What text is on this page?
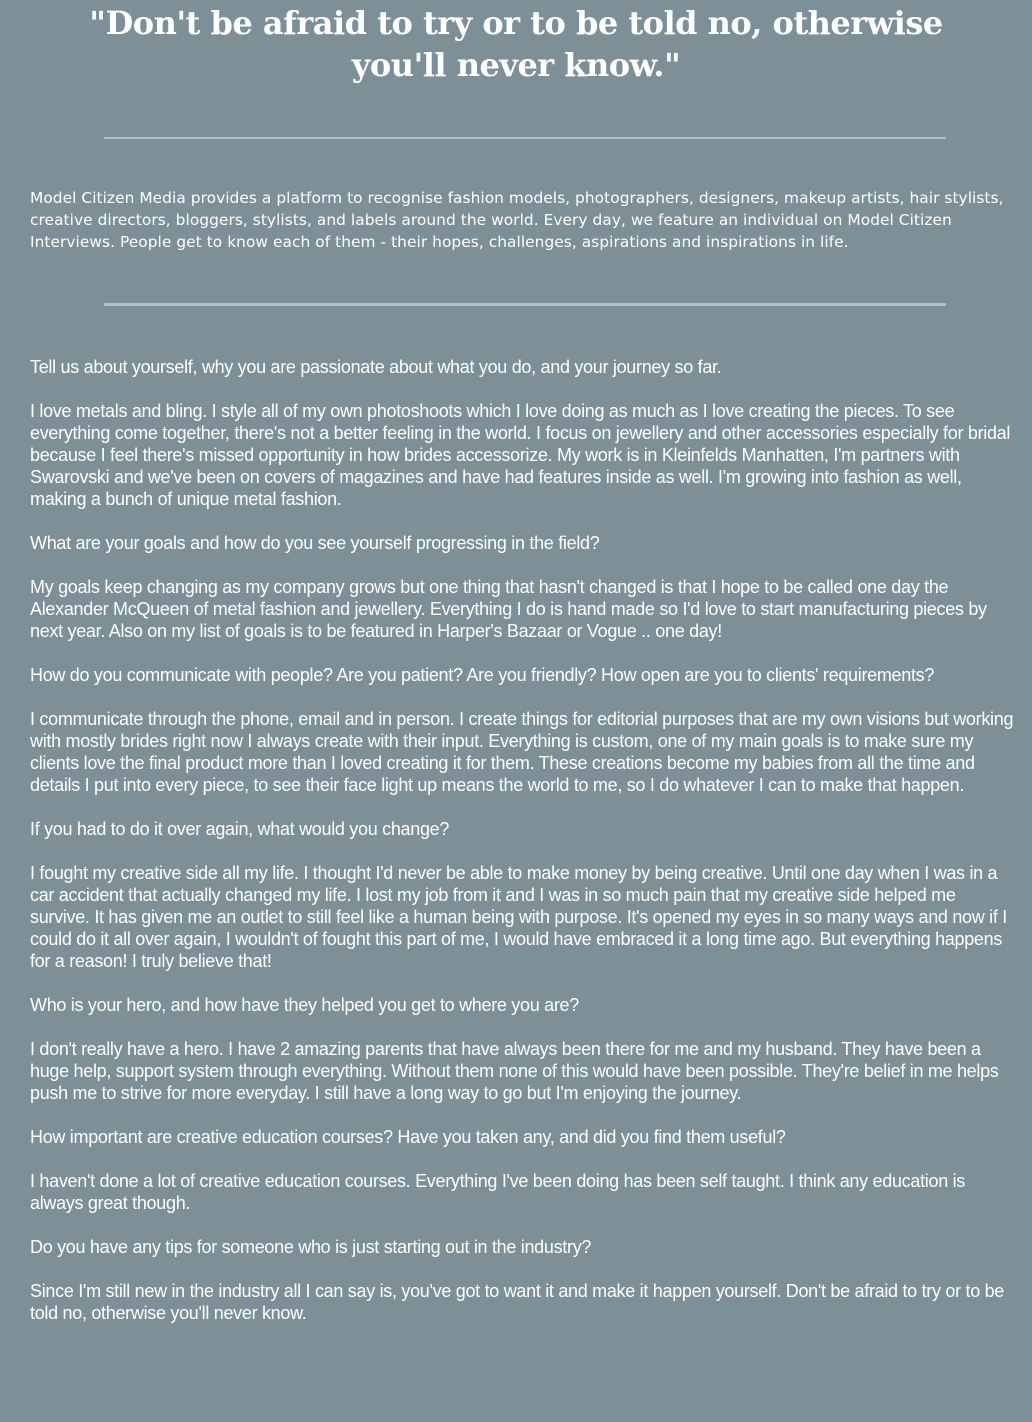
"Don't be afraid to try or to be told no, otherwise you'll never know."

Model Citizen Media provides a platform to recognise fashion models, photographers, designers, makeup artists, hair stylists, creative directors, bloggers, stylists, and labels around the world. Every day, we feature an individual on Model Citizen Interviews. People get to know each of them - their hopes, challenges, aspirations and inspirations in life.

Tell us about yourself, why you are passionate about what you do, and your journey so far.

I love metals and bling. I style all of my own photoshoots which I love doing as much as I love creating the pieces. To see everything come together, there's not a better feeling in the world. I focus on jewellery and other accessories especially for bridal because I feel there's missed opportunity in how brides accessorize. My work is in Kleinfelds Manhatten, I'm partners with Swarovski and we've been on covers of magazines and have had features inside as well. I'm growing into fashion as well, making a bunch of unique metal fashion.

What are your goals and how do you see yourself progressing in the field?

My goals keep changing as my company grows but one thing that hasn't changed is that I hope to be called one day the Alexander McQueen of metal fashion and jewellery. Everything I do is hand made so I'd love to start manufacturing pieces by next year. Also on my list of goals is to be featured in Harper's Bazaar or Vogue .. one day!

How do you communicate with people? Are you patient? Are you friendly? How open are you to clients' requirements?

I communicate through the phone, email and in person. I create things for editorial purposes that are my own visions but working with mostly brides right now I always create with their input. Everything is custom, one of my main goals is to make sure my clients love the final product more than I loved creating it for them. These creations become my babies from all the time and details I put into every piece, to see their face light up means the world to me, so I do whatever I can to make that happen.

If you had to do it over again, what would you change?

I fought my creative side all my life. I thought I'd never be able to make money by being creative. Until one day when I was in a car accident that actually changed my life. I lost my job from it and I was in so much pain that my creative side helped me survive. It has given me an outlet to still feel like a human being with purpose. It's opened my eyes in so many ways and now if I could do it all over again, I wouldn't of fought this part of me, I would have embraced it a long time ago. But everything happens for a reason! I truly believe that!

Who is your hero, and how have they helped you get to where you are?

I don't really have a hero. I have 2 amazing parents that have always been there for me and my husband. They have been a huge help, support system through everything. Without them none of this would have been possible. They're belief in me helps push me to strive for more everyday. I still have a long way to go but I'm enjoying the journey.

How important are creative education courses? Have you taken any, and did you find them useful?

I haven't done a lot of creative education courses. Everything I've been doing has been self taught. I think any education is always great though.

Do you have any tips for someone who is just starting out in the industry?

Since I'm still new in the industry all I can say is, you've got to want it and make it happen yourself. Don't be afraid to try or to be told no, otherwise you'll never know.
